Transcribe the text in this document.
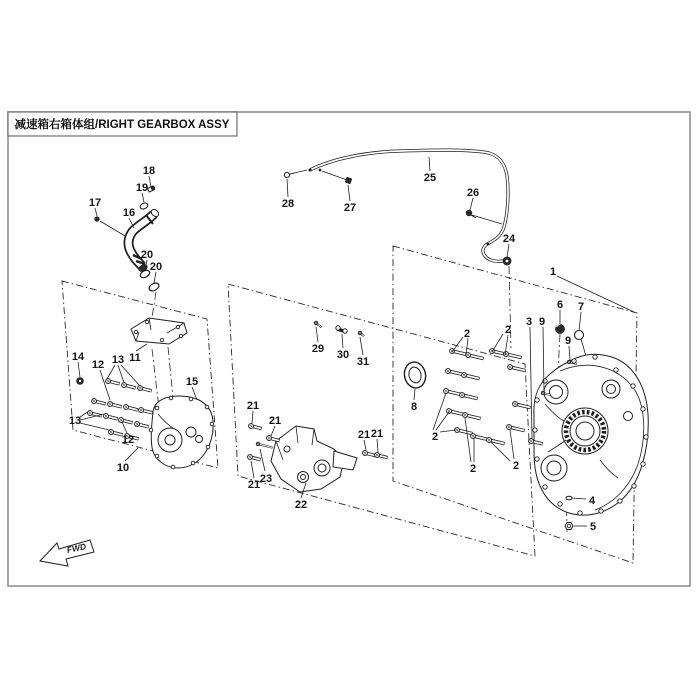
减速箱右箱体组/RIGHT GEARBOX ASSY
FWD
18
19
17
16
20
20
28	27
25
26
24
1
6 7
3 9
9
2	2
8
2
2	2
4
5
10
14
12 13 11
13
12
15
29 30
31
21
21
21
21 21
23
22
